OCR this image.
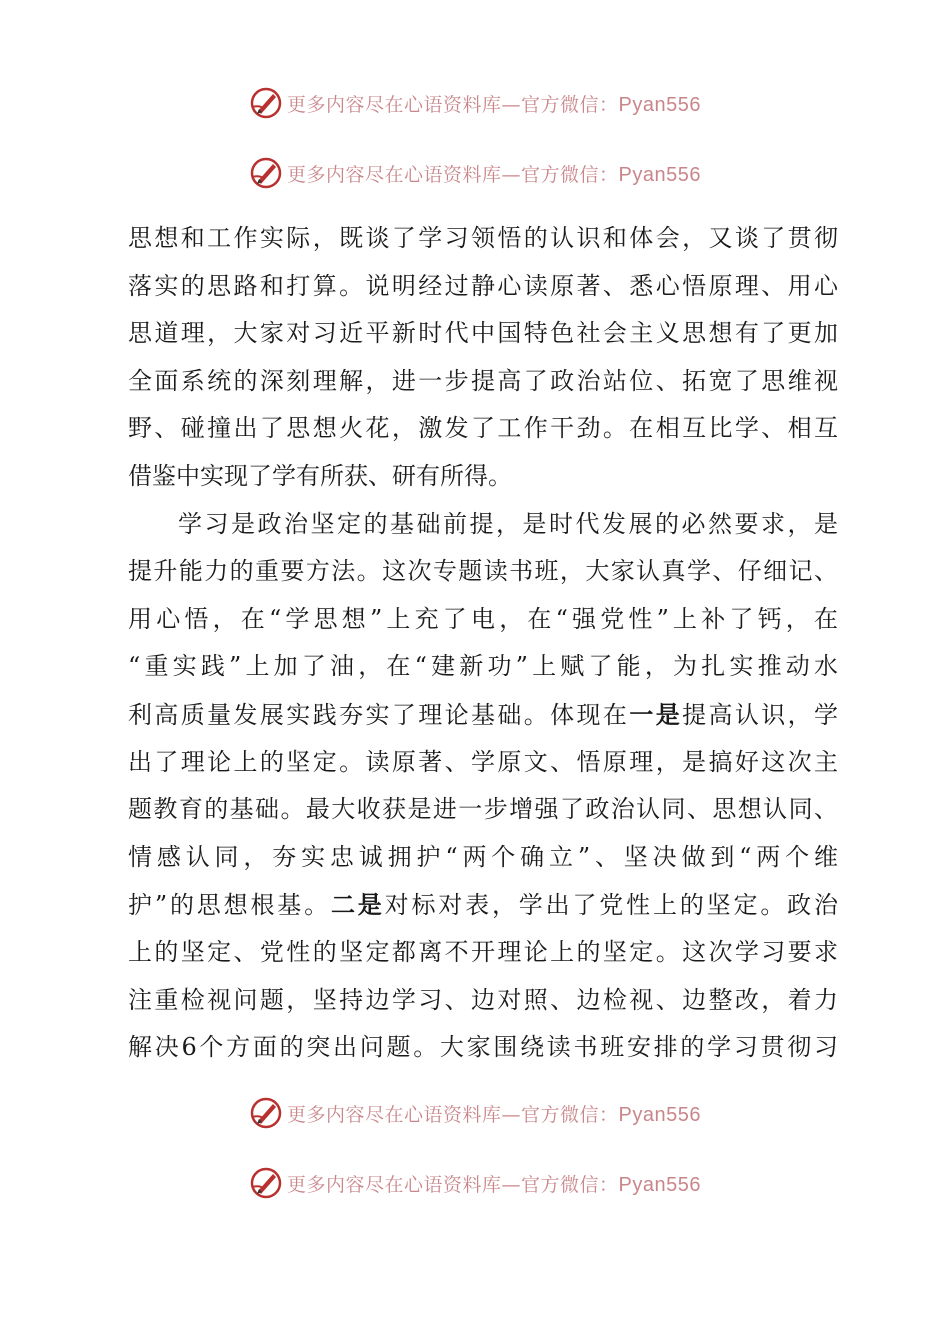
更多内容尽在心语资料库—官方微信：Pyan556
更多内容尽在心语资料库—官方微信：Pyan556
思想和工作实际，既谈了学习领悟的认识和体会，又谈了贯彻
落实的思路和打算。说明经过静心读原著、悉心悟原理、用心
思道理，大家对习近平新时代中国特色社会主义思想有了更加
全面系统的深刻理解，进一步提高了政治站位、拓宽了思维视
野、碰撞出了思想火花，激发了工作干劲。在相互比学、相互
借鉴中实现了学有所获、研有所得。
学习是政治坚定的基础前提，是时代发展的必然要求，是
提升能力的重要方法。这次专题读书班，大家认真学、仔细记、
用心悟，在“学思想”上充了电，在“强党性”上补了钙，在
“重实践”上加了油，在“建新功”上赋了能，为扎实推动水
利高质量发展实践夯实了理论基础。体现在一是提高认识，学
出了理论上的坚定。读原著、学原文、悟原理，是搞好这次主
题教育的基础。最大收获是进一步增强了政治认同、思想认同、
情感认同，夯实忠诚拥护“两个确立”、坚决做到“两个维
护”的思想根基。二是对标对表，学出了党性上的坚定。政治
上的坚定、党性的坚定都离不开理论上的坚定。这次学习要求
注重检视问题，坚持边学习、边对照、边检视、边整改，着力
解决6个方面的突出问题。大家围绕读书班安排的学习贯彻习
更多内容尽在心语资料库—官方微信：Pyan556
更多内容尽在心语资料库—官方微信：Pyan556
